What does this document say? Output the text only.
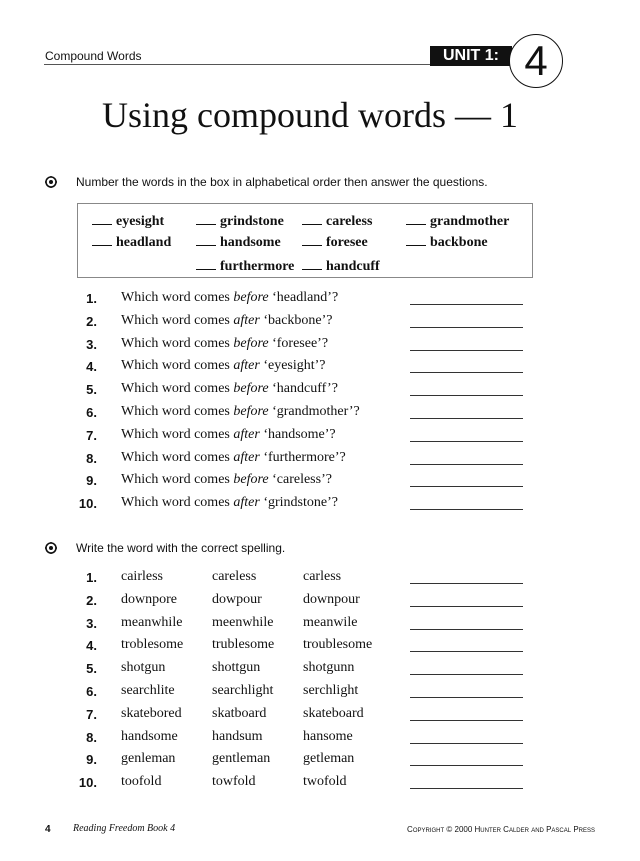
Compound Words	UNIT 1: 4
Using compound words — 1
Number the words in the box in alphabetical order then answer the questions.
eyesight	grindstone	careless	grandmother
headland	handsome	foresee	backbone
furthermore	handcuff
1. Which word comes before ‘headland’?
2. Which word comes after ‘backbone’?
3. Which word comes before ‘foresee’?
4. Which word comes after ‘eyesight’?
5. Which word comes before ‘handcuff’?
6. Which word comes before ‘grandmother’?
7. Which word comes after ‘handsome’?
8. Which word comes after ‘furthermore’?
9. Which word comes before ‘careless’?
10. Which word comes after ‘grindstone’?
Write the word with the correct spelling.
1. cairless	careless	carless
2. downpore	dowpour	downpour
3. meanwhile meenwhile meanwile
4. troblesome trublesome troublesome
5. shotgun	shottgun	shotgunn
6. searchlite	searchlight serchlight
7. skatebored skatboard	skateboard
8. handsome handsum	hansome
9. genleman	gentleman getleman
10. toofold	towfold	twofold
4 Reading Freedom Book 4	Copyright © 2000 Hunter Calder and Pascal Press
